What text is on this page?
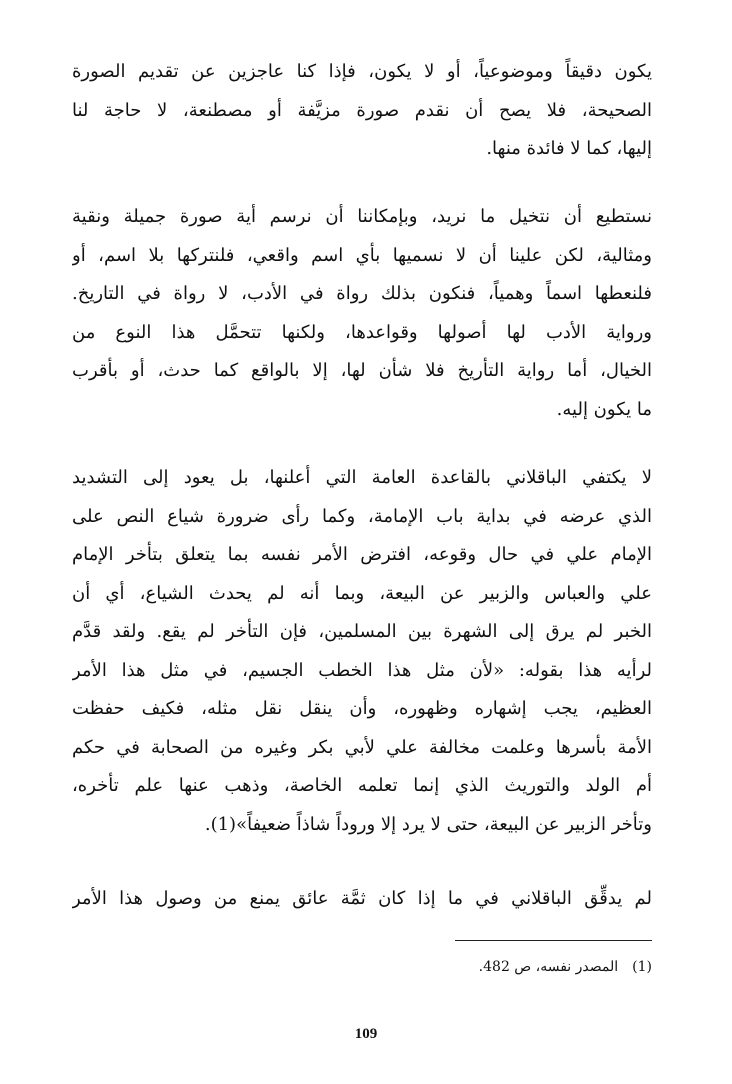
يكون دقيقاً وموضوعياً، أو لا يكون، فإذا كنا عاجزين عن تقديم الصورة
الصحيحة، فلا يصح أن نقدم صورة مزيَّفة أو مصطنعة، لا حاجة لنا
إليها، كما لا فائدة منها.
نستطيع أن نتخيل ما نريد، وبإمكاننا أن نرسم أية صورة جميلة ونقية
ومثالية، لكن علينا أن لا نسميها بأي اسم واقعي، فلنتركها بلا اسم، أو
فلنعطها اسماً وهمياً، فنكون بذلك رواة في الأدب، لا رواة في التاريخ.
ورواية الأدب لها أصولها وقواعدها، ولكنها تتحمَّل هذا النوع من
الخيال، أما رواية التأريخ فلا شأن لها، إلا بالواقع كما حدث، أو بأقرب
ما يكون إليه.
لا يكتفي الباقلاني بالقاعدة العامة التي أعلنها، بل يعود إلى التشديد
الذي عرضه في بداية باب الإمامة، وكما رأى ضرورة شياع النص على
الإمام علي في حال وقوعه، افترض الأمر نفسه بما يتعلق بتأخر الإمام
علي والعباس والزبير عن البيعة، وبما أنه لم يحدث الشياع، أي أن
الخبر لم يرق إلى الشهرة بين المسلمين، فإن التأخر لم يقع. ولقد قدَّم
لرأيه هذا بقوله: «لأن مثل هذا الخطب الجسيم، في مثل هذا الأمر
العظيم، يجب إشهاره وظهوره، وأن ينقل نقل مثله، فكيف حفظت
الأمة بأسرها وعلمت مخالفة علي لأبي بكر وغيره من الصحابة في حكم
أم الولد والتوريث الذي إنما تعلمه الخاصة، وذهب عنها علم تأخره،
وتأخر الزبير عن البيعة، حتى لا يرد إلا وروداً شاذاً ضعيفاً»(1).
لم يدقِّق الباقلاني في ما إذا كان ثمَّة عائق يمنع من وصول هذا الأمر
(1)المصدر نفسه، ص 482.
109
